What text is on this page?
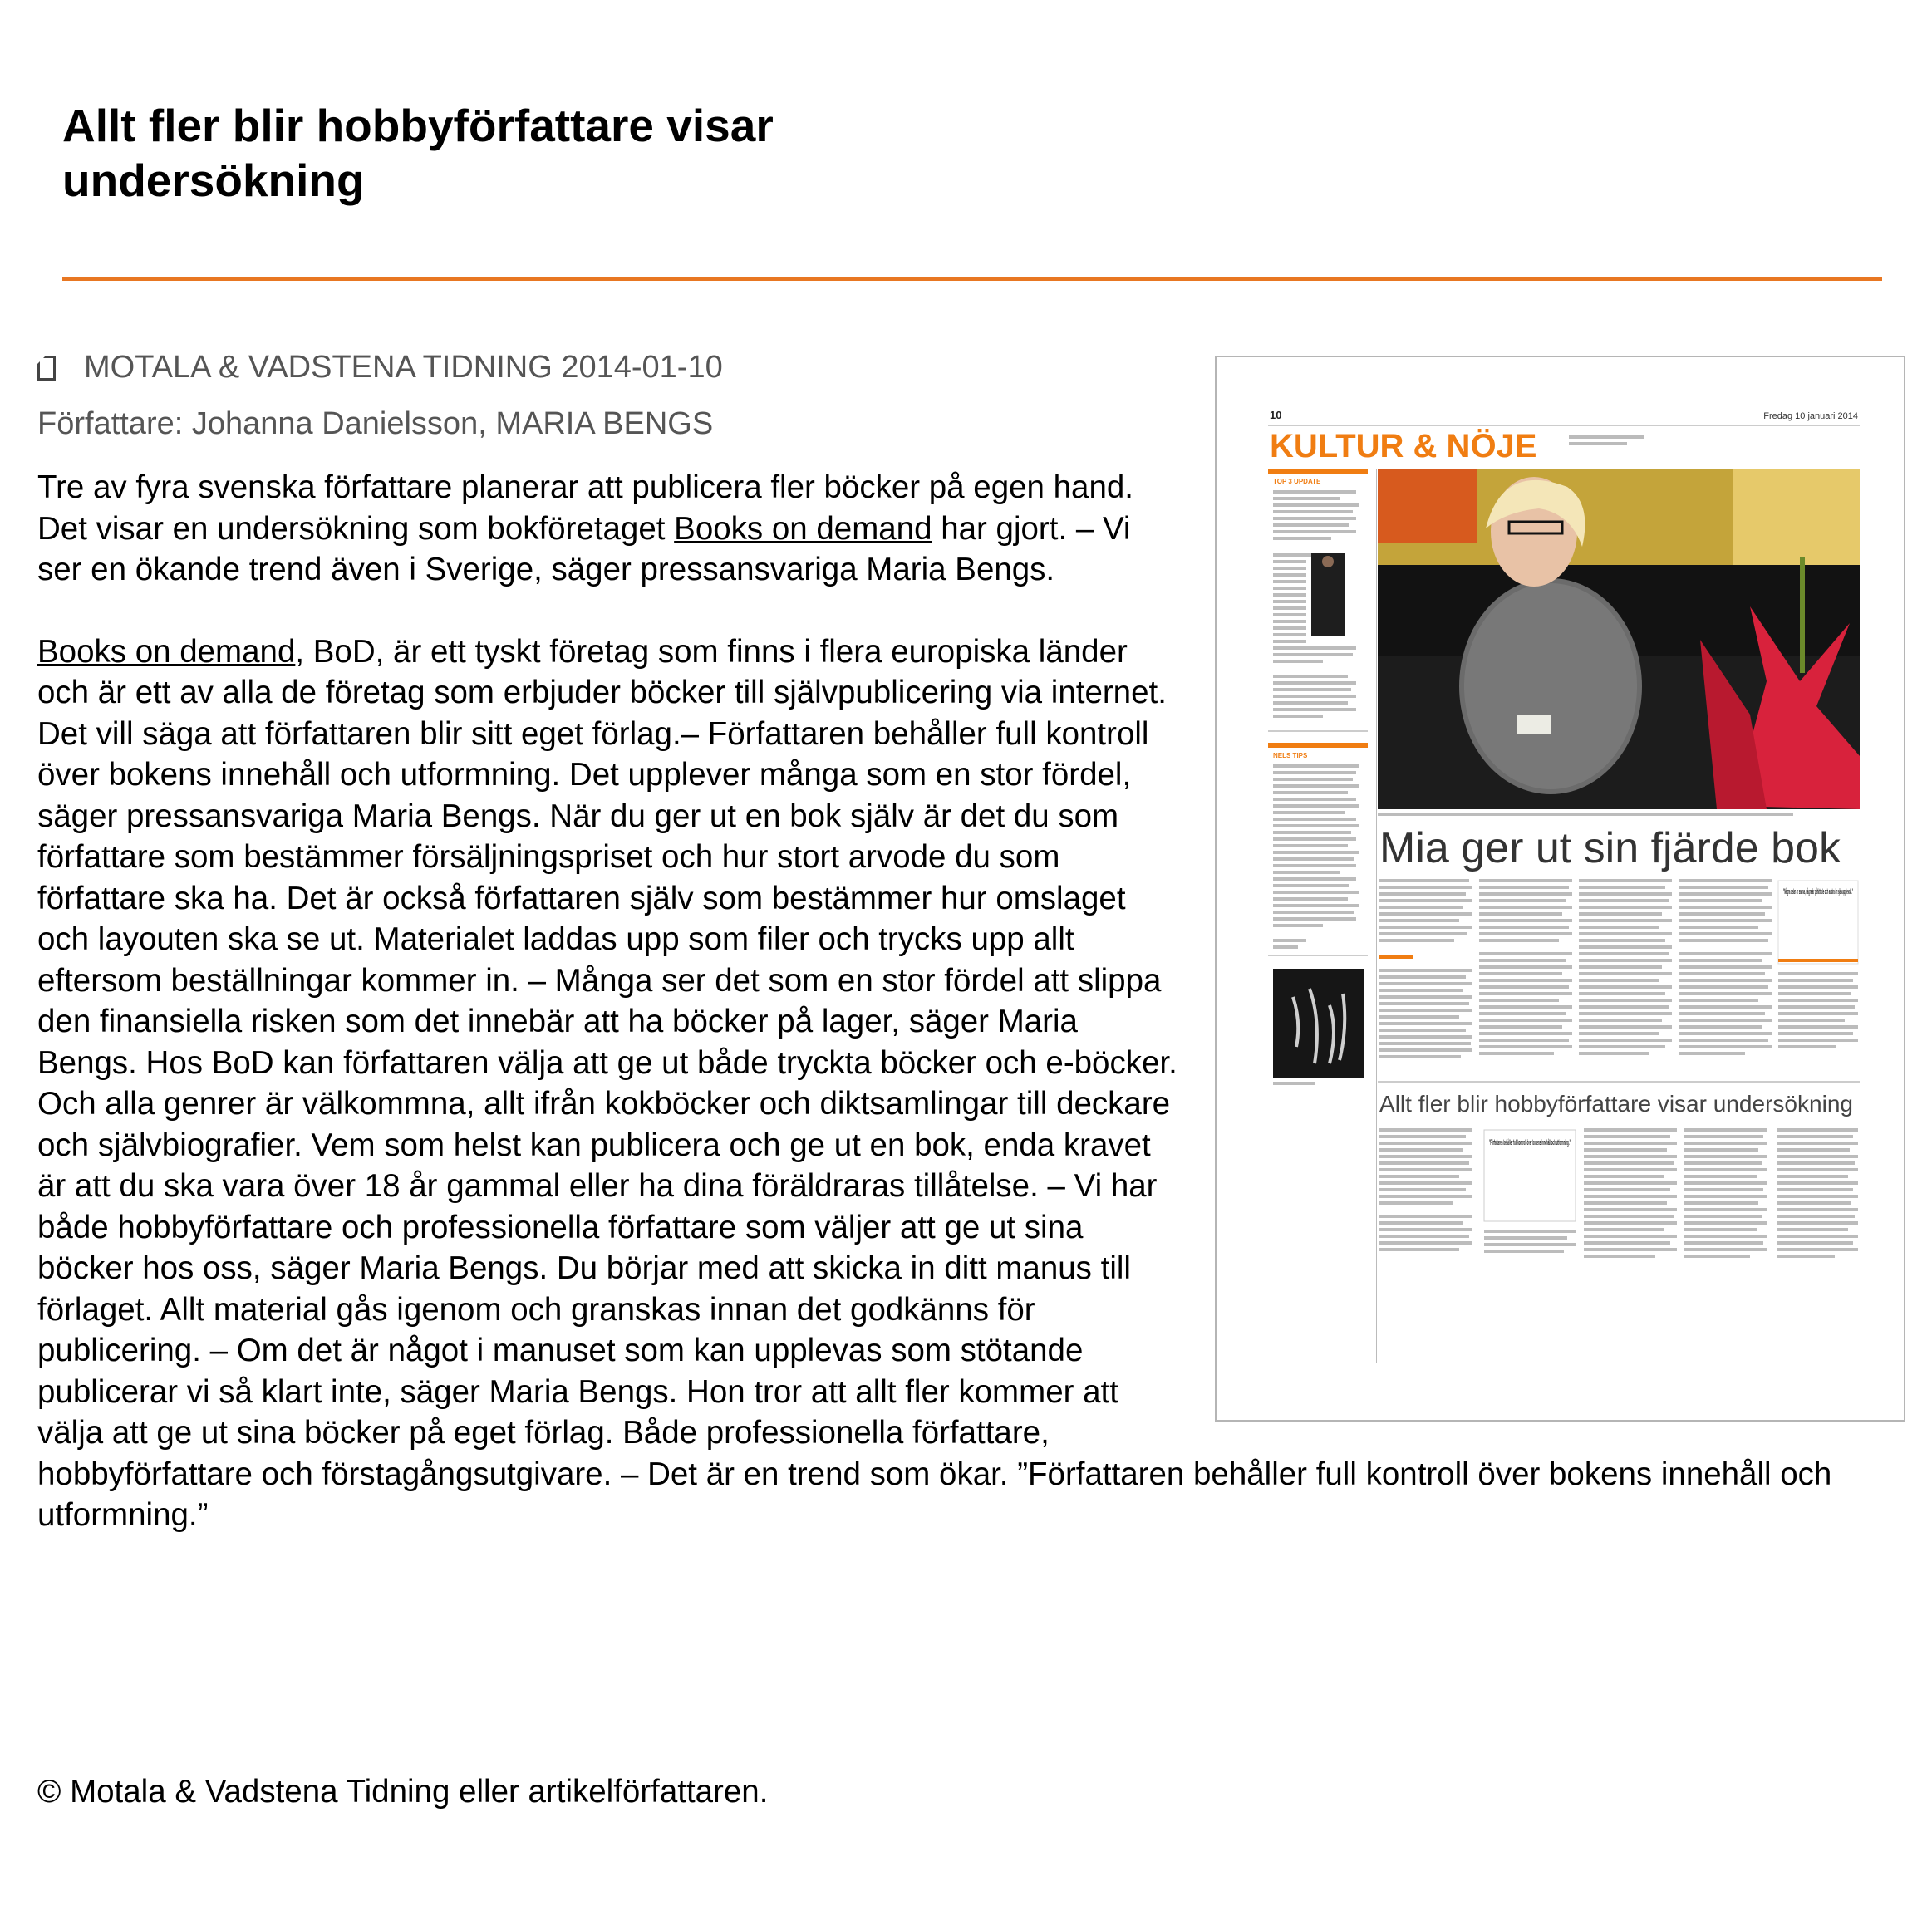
Allt fler blir hobbyförfattare visar undersökning
MOTALA & VADSTENA TIDNING 2014-01-10
Författare: Johanna Danielsson, MARIA BENGS	10	Fredag 10 januari 2014
KULTUR & NÖJE
TOP 3 UPDATE
NELS TIPS
Mia ger ut sin fjärde bok
”Några delar är sanna, några är påhittade och andra är självupplevda.”
Allt fler blir hobbyförfattare visar undersökning
”Författaren behåller full kontroll över bokens innehåll och utformning.”

Tre av fyra svenska författare planerar att publicera fler böcker på egen hand. Det visar en undersökning som bokföretaget Books on demand har gjort. – Vi ser en ökande trend även i Sverige, säger pressansvariga Maria Bengs.

Books on demand, BoD, är ett tyskt företag som finns i flera europiska länder och är ett av alla de företag som erbjuder böcker till självpublicering via internet. Det vill säga att författaren blir sitt eget förlag.– Författaren behåller full kontroll över bokens innehåll och utformning. Det upplever många som en stor fördel, säger pressansvariga Maria Bengs. När du ger ut en bok själv är det du som författare som bestämmer försäljningspriset och hur stort arvode du som författare ska ha. Det är också författaren själv som bestämmer hur omslaget och layouten ska se ut. Materialet laddas upp som filer och trycks upp allt eftersom beställningar kommer in. – Många ser det som en stor fördel att slippa den finansiella risken som det innebär att ha böcker på lager, säger Maria Bengs. Hos BoD kan författaren välja att ge ut både tryckta böcker och e-böcker. Och alla genrer är välkommna, allt ifrån kokböcker och diktsamlingar till deckare och självbiografier. Vem som helst kan publicera och ge ut en bok, enda kravet är att du ska vara över 18 år gammal eller ha dina föräldraras tillåtelse. – Vi har både hobbyförfattare och professionella författare som väljer att ge ut sina böcker hos oss, säger Maria Bengs. Du börjar med att skicka in ditt manus till förlaget. Allt material gås igenom och granskas innan det godkänns för publicering. – Om det är något i manuset som kan upplevas som stötande publicerar vi så klart inte, säger Maria Bengs. Hon tror att allt fler kommer att välja att ge ut sina böcker på eget förlag. Både professionella författare, hobbyförfattare och förstagångsutgivare. – Det är en trend som ökar. ”Författaren behåller full kontroll över bokens innehåll och utformning.”

© Motala & Vadstena Tidning eller artikelförfattaren.
